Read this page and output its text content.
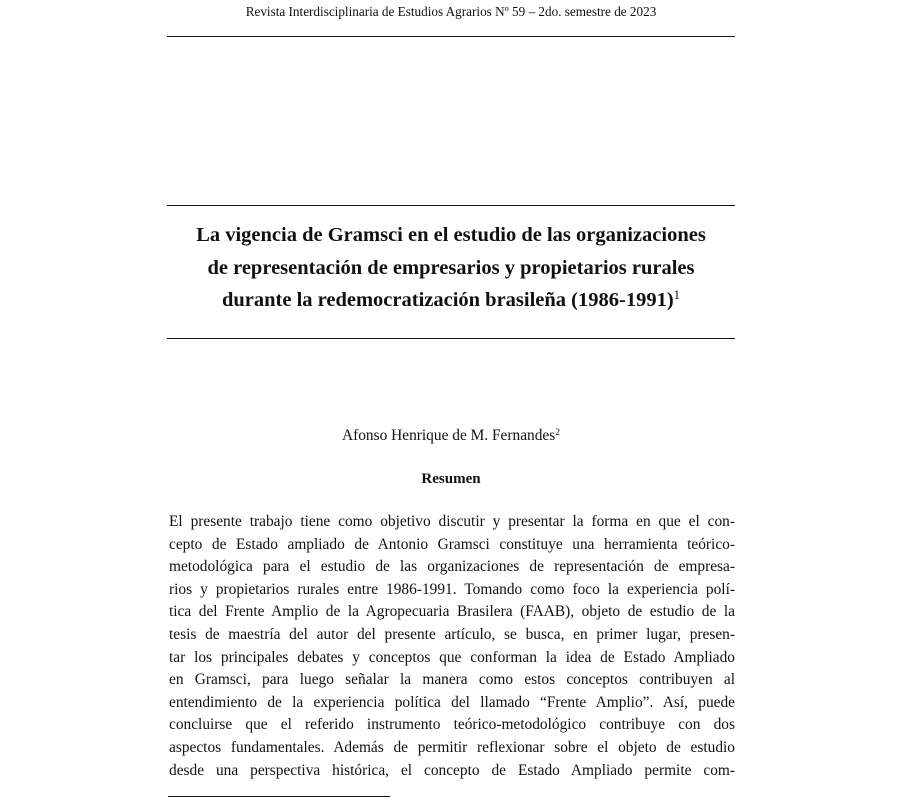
Revista Interdisciplinaria de Estudios Agrarios Nº 59 – 2do. semestre de 2023
La vigencia de Gramsci en el estudio de las organizaciones
de representación de empresarios y propietarios rurales
durante la redemocratización brasileña (1986-1991)$^1$
Afonso Henrique de M. Fernandes$^2$
Resumen
El presente trabajo tiene como objetivo discutir y presentar la forma en que el con-
cepto de Estado ampliado de Antonio Gramsci constituye una herramienta teórico-
metodológica para el estudio de las organizaciones de representación de empresa-
rios y propietarios rurales entre 1986-1991. Tomando como foco la experiencia polí-
tica del Frente Amplio de la Agropecuaria Brasilera (FAAB), objeto de estudio de la
tesis de maestría del autor del presente artículo, se busca, en primer lugar, presen-
tar los principales debates y conceptos que conforman la idea de Estado Ampliado
en Gramsci, para luego señalar la manera como estos conceptos contribuyen al
entendimiento de la experiencia política del llamado “Frente Amplio”. Así, puede
concluirse que el referido instrumento teórico-metodológico contribuye con dos
aspectos fundamentales. Además de permitir reflexionar sobre el objeto de estudio
desde una perspectiva histórica, el concepto de Estado Ampliado permite com-
